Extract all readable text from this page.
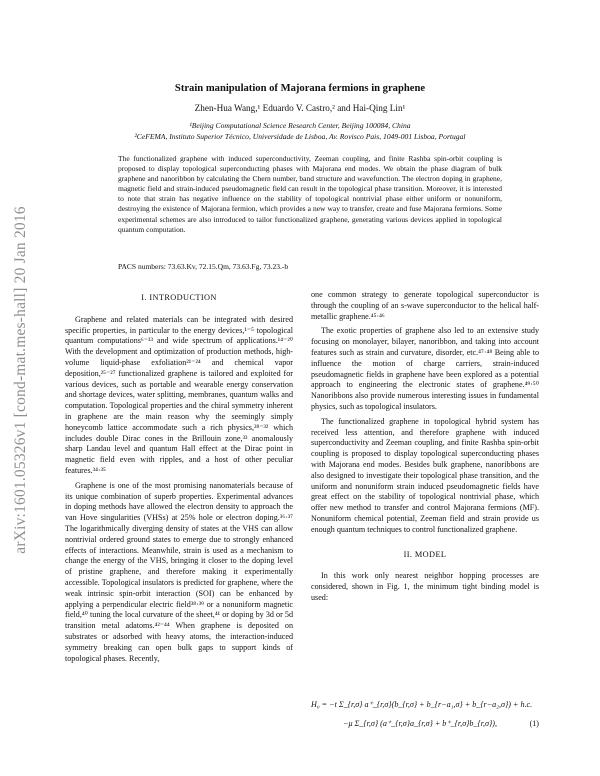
arXiv:1601.05326v1 [cond-mat.mes-hall] 20 Jan 2016
Strain manipulation of Majorana fermions in graphene
Zhen-Hua Wang,¹ Eduardo V. Castro,² and Hai-Qing Lin¹
¹Beijing Computational Science Research Center, Beijing 100084, China
²CeFEMA, Instituto Superior Técnico, Universidade de Lisboa, Av. Rovisco Pais, 1049-001 Lisboa, Portugal
The functionalized graphene with induced superconductivity, Zeeman coupling, and finite Rashba spin-orbit coupling is proposed to display topological superconducting phases with Majorana end modes. We obtain the phase diagram of bulk graphene and nanoribbon by calculating the Chern number, band structure and wavefunction. The electron doping in graphene, magnetic field and strain-induced pseudomagnetic field can result in the topological phase transition. Moreover, it is interested to note that strain has negative influence on the stability of topological nontrivial phase either uniform or nonuniform, destroying the existence of Majorana fermion, which provides a new way to transfer, create and fuse Majorana fermions. Some experimental schemes are also introduced to tailor functionalized graphene, generating various devices applied in topological quantum computation.
PACS numbers: 73.63.Kv, 72.15.Qm, 73.63.Fg, 73.23.-b
I. INTRODUCTION

Graphene and related materials can be integrated with desired specific properties, in particular to the energy devices,¹⁻⁵ topological quantum computations⁶⁻¹³ and wide spectrum of applications.¹⁴⁻²⁰ With the development and optimization of production methods, high-volume liquid-phase exfoliation²¹⁻²⁴ and chemical vapor deposition,²⁵⁻²⁷ functionalized graphene is tailored and exploited for various devices, such as portable and wearable energy conservation and shortage devices, water splitting, membranes, quantum walks and computation. Topological properties and the chiral symmetry inherent in graphene are the main reason why the seemingly simply honeycomb lattice accommodate such a rich physics,²⁸⁻³² which includes double Dirac cones in the Brillouin zone,³³ anomalously sharp Landau level and quantum Hall effect at the Dirac point in magnetic field even with ripples, and a host of other peculiar features.³⁴·³⁵

Graphene is one of the most promising nanomaterials because of its unique combination of superb properties. Experimental advances in doping methods have allowed the electron density to approach the van Hove singularities (VHSs) at 25% hole or electron doping.³⁶·³⁷ The logarithmically diverging density of states at the VHS can allow nontrivial ordered ground states to emerge due to strongly enhanced effects of interactions. Meanwhile, strain is used as a mechanism to change the energy of the VHS, bringing it closer to the doping level of pristine graphene, and therefore making it experimentally accessible. Topological insulators is predicted for graphene, where the weak intrinsic spin-orbit interaction (SOI) can be enhanced by applying a perpendicular electric field³⁸·³⁹ or a nonuniform magnetic field,⁴⁰ tuning the local curvature of the sheet,⁴¹ or doping by 3d or 5d transition metal adatoms.⁴²⁻⁴⁴ When graphene is deposited on substrates or adsorbed with heavy atoms, the interaction-induced symmetry breaking can open bulk gaps to support kinds of topological phases. Recently,

one common strategy to generate topological superconductor is through the coupling of an s-wave superconductor to the helical half-metallic graphene.⁴⁵·⁴⁶

The exotic properties of graphene also led to an extensive study focusing on monolayer, bilayer, nanoribbon, and taking into account features such as strain and curvature, disorder, etc.⁴⁷·⁴⁸ Being able to influence the motion of charge carriers, strain-induced pseudomagnetic fields in graphene have been explored as a potential approach to engineering the electronic states of graphene.⁴⁹·⁵⁰ Nanoribbons also provide numerous interesting issues in fundamental physics, such as topological insulators.

The functionalized graphene in topological hybrid system has received less attention, and therefore graphene with induced superconductivity and Zeeman coupling, and finite Rashba spin-orbit coupling is proposed to display topological superconducting phases with Majorana end modes. Besides bulk graphene, nanoribbons are also designed to investigate their topological phase transition, and the uniform and nonuniform strain induced pseudomagnetic fields have great effect on the stability of topological nontrivial phase, which offer new method to transfer and control Majorana fermions (MF). Nonuniform chemical potential, Zeeman field and strain provide us enough quantum techniques to control functionalized graphene.

II. MODEL

In this work only nearest neighbor hopping processes are considered, shown in Fig. 1, the minimum tight binding model is used:

H₀ = −t Σ_{r,σ} a⁺_{r,σ}(b_{r,σ} + b_{r−a₁,σ} + b_{r−a₂,σ}) + h.c.
−μ Σ_{r,σ} (a⁺_{r,σ}a_{r,σ} + b⁺_{r,σ}b_{r,σ}),	(1)
